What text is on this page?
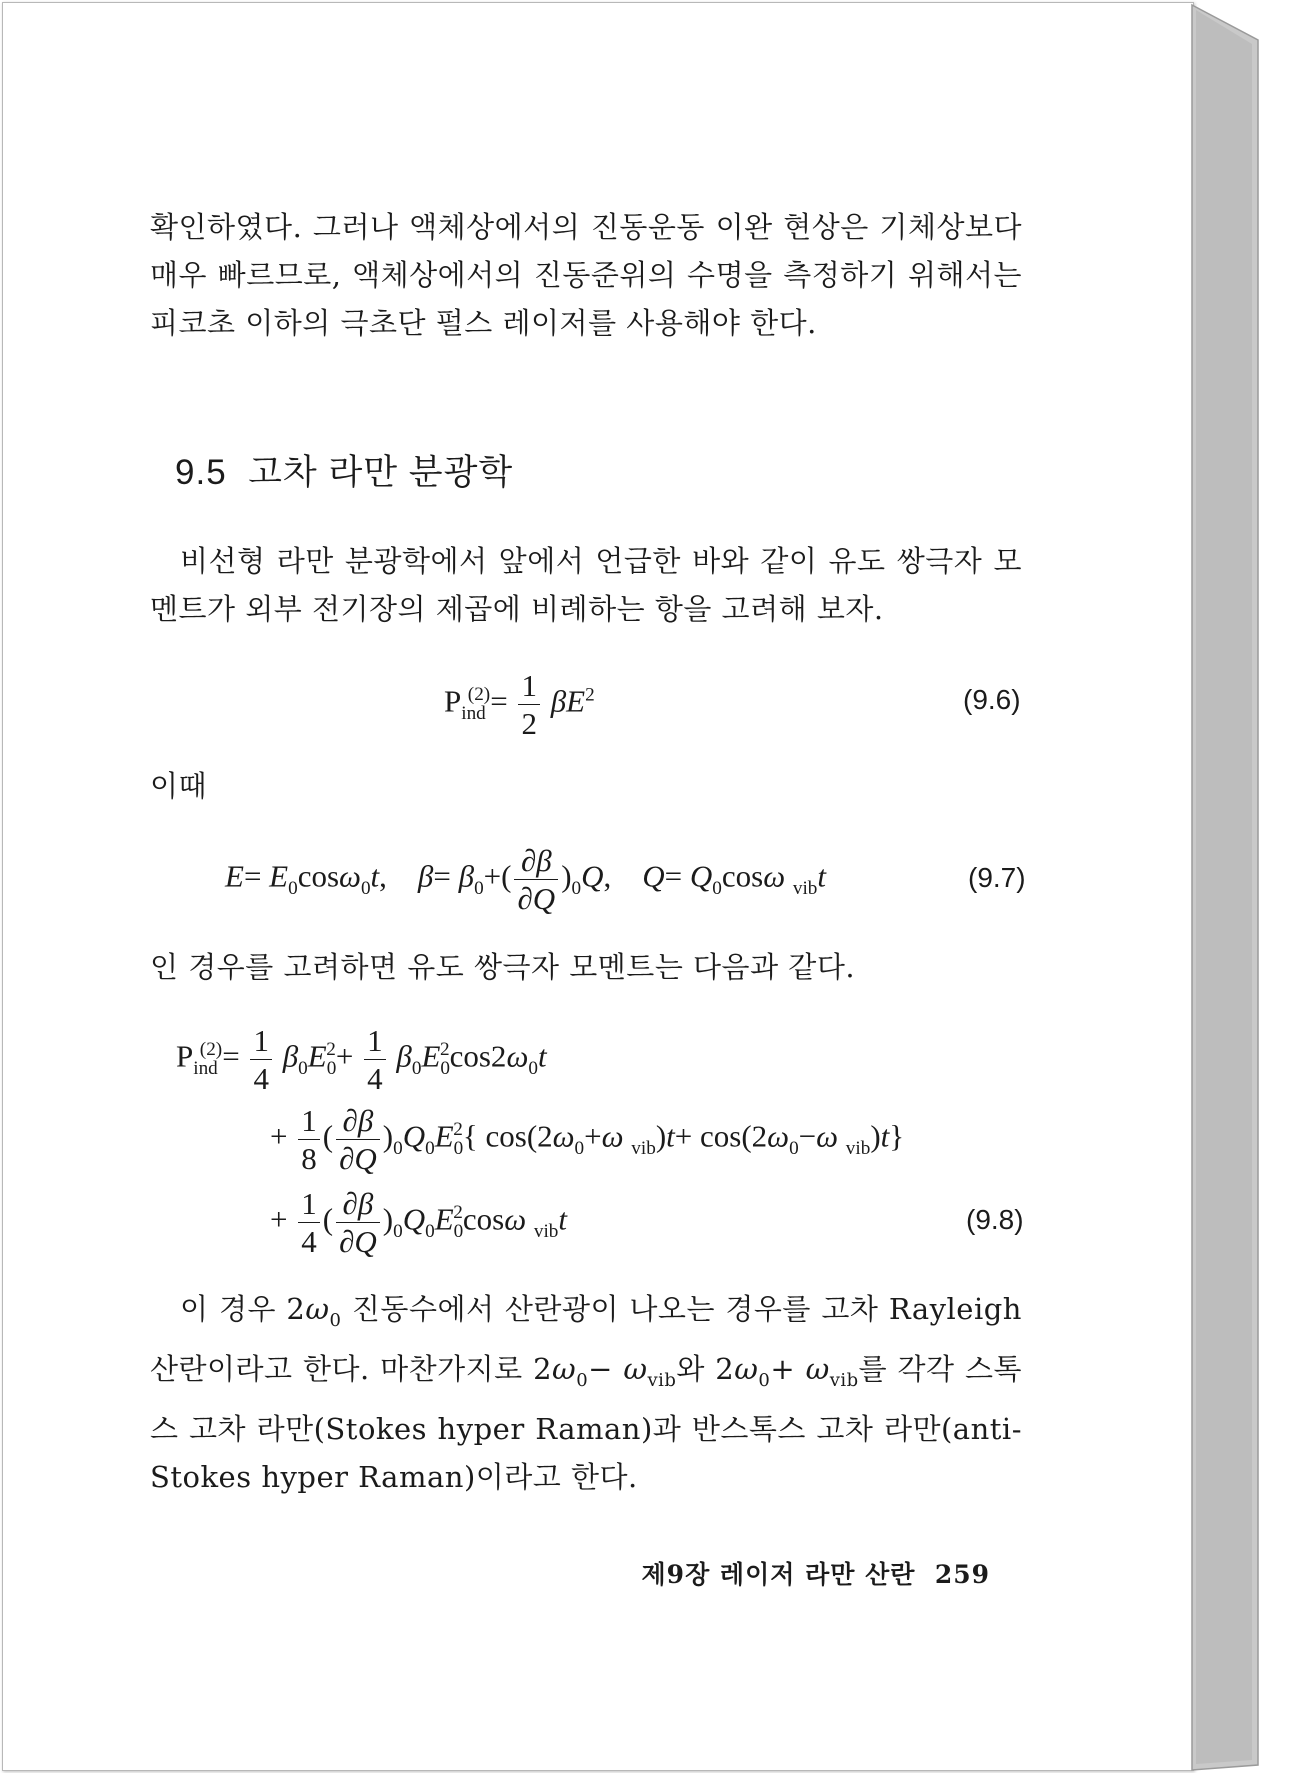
확인하였다. 그러나 액체상에서의 진동운동 이완 현상은 기체상보다 매우 빠르므로, 액체상에서의 진동준위의 수명을 측정하기 위해서는 피코초 이하의 극초단 펄스 레이저를 사용해야 한다.

9.5 고차 라만 분광학

비선형 라만 분광학에서 앞에서 언급한 바와 같이 유도 쌍극자 모멘트가 외부 전기장의 제곱에 비례하는 항을 고려해 보자.

$P_{ind}^{(2)}= \frac{1}{2} \beta E^2$	(9.6)

이때

$E= E_0\cos\omega_0t$,    $\beta= \beta_0+( \frac{\partial\beta}{\partial Q} )_0Q$,    $Q= Q_0\cos\omega$ $_{vib}$t	(9.7)

인 경우를 고려하면 유도 쌍극자 모멘트는 다음과 같다.

$P_{ind}^{(2)}= \frac{1}{4} \beta_0E_0^2+ \frac{1}{4} \beta_0E_0^2\cos 2\omega_0t$
+ $\frac{1}{8}$ ( $\frac{\partial\beta}{\partial Q} )_0Q_0E_0^2${ $\cos(2\omega_0+\omega$ $_{vib})t+ \cos(2\omega_0-\omega$ $_{vib}$)t}
+ $\frac{1}{4}$ ( $\frac{\partial\beta}{\partial Q} )_0Q_0E_0^2\cos\omega$ $_{vib}$t	(9.8)

이 경우 $2\omega_0$ 진동수에서 산란광이 나오는 경우를 고차 Rayleigh 산란이라고 한다. 마찬가지로 $2\omega_0- \omega_{vib}$와 $2\omega_0+ \omega_{vib}$를 각각 스톡스 고차 라만(Stokes hyper Raman)과 반스톡스 고차 라만(anti-Stokes hyper Raman)이라고 한다.

제9장 레이저 라만 산란 259
